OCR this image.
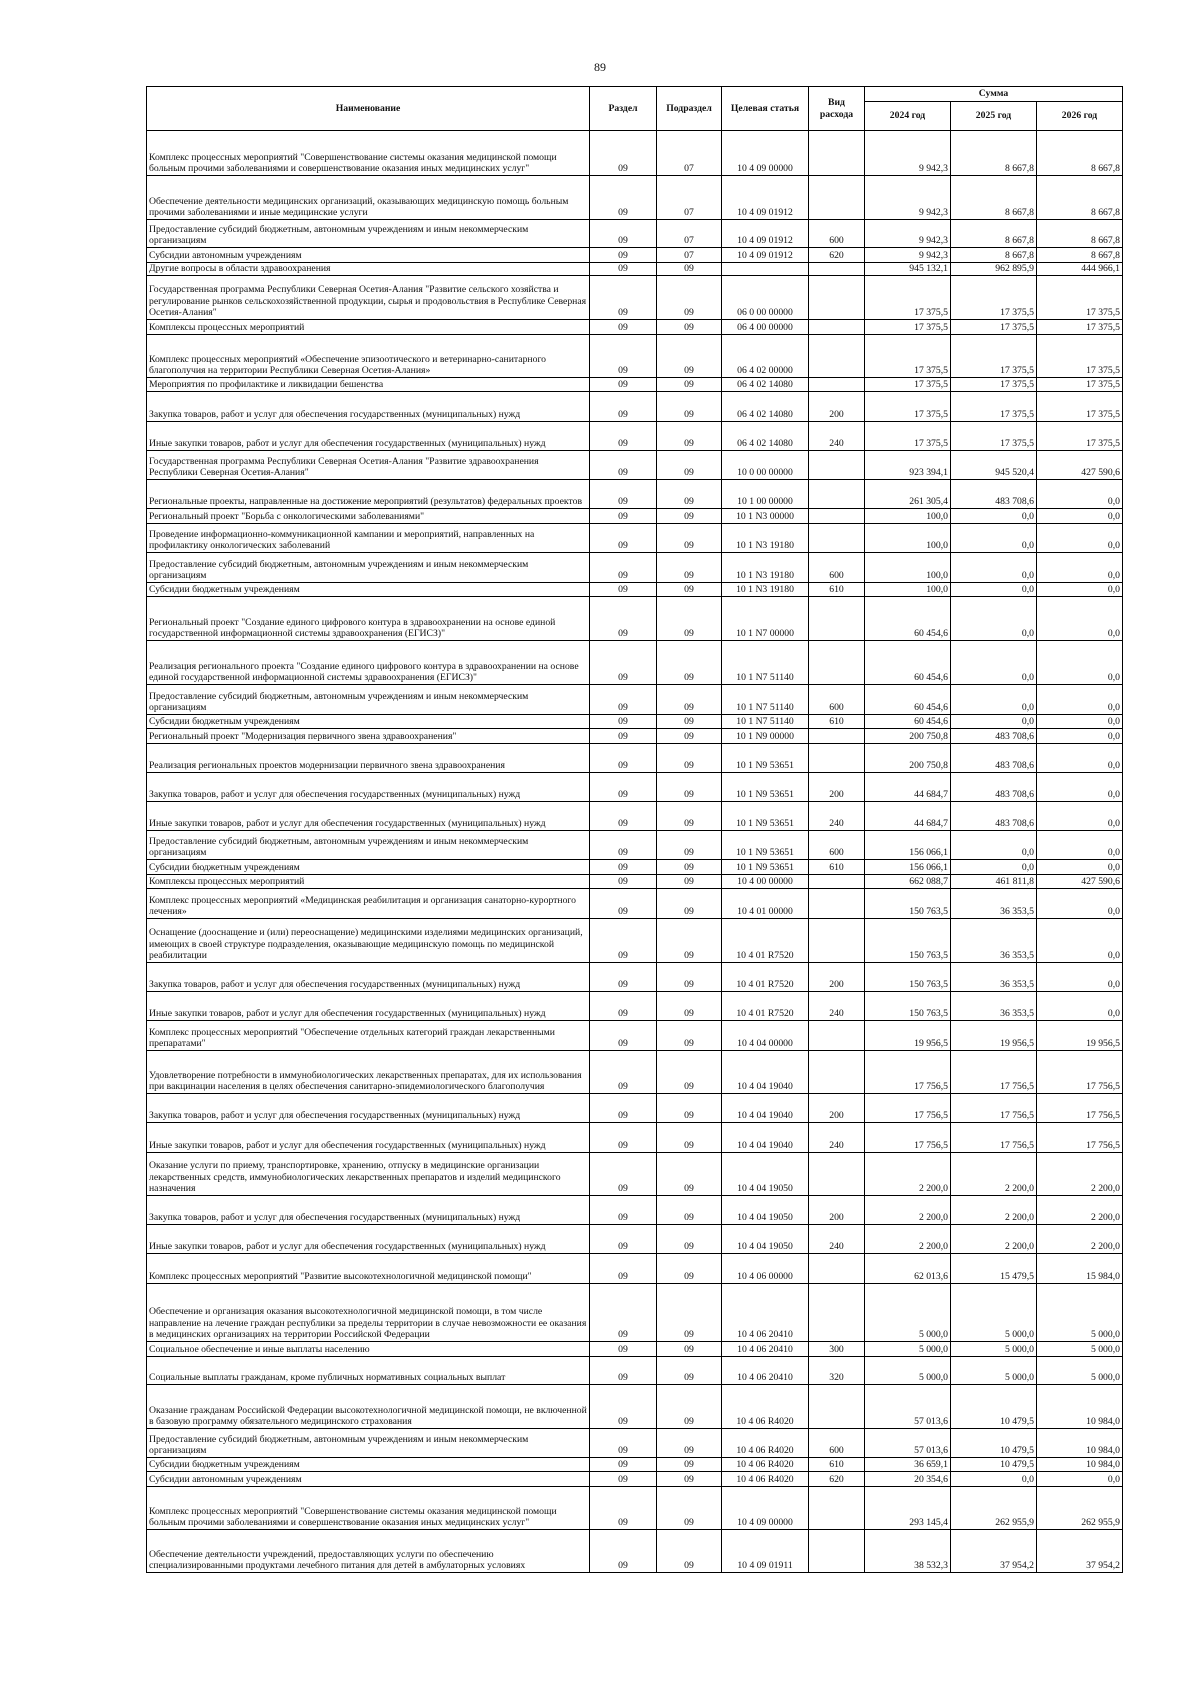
89
Наименование	Раздел	Подраздел	Целевая статья	Вид расхода	Сумма		
					2024 год	2025 год	2026 год
Комплекс процессных мероприятий "Совершенствование системы оказания медицинской помощи больным прочими заболеваниями и совершенствование оказания иных медицинских услуг"	09	07	10 4 09 00000		9 942,3	8 667,8	8 667,8
Обеспечение деятельности медицинских организаций, оказывающих медицинскую помощь больным прочими заболеваниями и иные медицинские услуги	09	07	10 4 09 01912		9 942,3	8 667,8	8 667,8
Предоставление субсидий бюджетным, автономным учреждениям и иным некоммерческим организациям	09	07	10 4 09 01912	600	9 942,3	8 667,8	8 667,8
Субсидии автономным учреждениям	09	07	10 4 09 01912	620	9 942,3	8 667,8	8 667,8
Другие вопросы в области здравоохранения	09	09			945 132,1	962 895,9	444 966,1
Государственная программа Республики Северная Осетия-Алания "Развитие сельского хозяйства и регулирование рынков сельскохозяйственной продукции, сырья и продовольствия в Республике Северная Осетия-Алания"	09	09	06 0 00 00000		17 375,5	17 375,5	17 375,5
Комплексы процессных мероприятий	09	09	06 4 00 00000		17 375,5	17 375,5	17 375,5
Комплекс процессных мероприятий «Обеспечение эпизоотического и ветеринарно-санитарного благополучия на территории Республики Северная Осетия-Алания»	09	09	06 4 02 00000		17 375,5	17 375,5	17 375,5
Мероприятия по профилактике и ликвидации бешенства	09	09	06 4 02 14080		17 375,5	17 375,5	17 375,5
Закупка товаров, работ и услуг для обеспечения государственных (муниципальных) нужд	09	09	06 4 02 14080	200	17 375,5	17 375,5	17 375,5
Иные закупки товаров, работ и услуг для обеспечения государственных (муниципальных) нужд	09	09	06 4 02 14080	240	17 375,5	17 375,5	17 375,5
Государственная программа Республики Северная Осетия-Алания "Развитие здравоохранения Республики Северная Осетия-Алания"	09	09	10 0 00 00000		923 394,1	945 520,4	427 590,6
Региональные проекты, направленные на достижение мероприятий (результатов) федеральных проектов	09	09	10 1 00 00000		261 305,4	483 708,6	0,0
Региональный проект "Борьба с онкологическими заболеваниями"	09	09	10 1 N3 00000		100,0	0,0	0,0
Проведение информационно-коммуникационной кампании и мероприятий, направленных на профилактику онкологических заболеваний	09	09	10 1 N3 19180		100,0	0,0	0,0
Предоставление субсидий бюджетным, автономным учреждениям и иным некоммерческим организациям	09	09	10 1 N3 19180	600	100,0	0,0	0,0
Субсидии бюджетным учреждениям	09	09	10 1 N3 19180	610	100,0	0,0	0,0
Региональный проект "Создание единого цифрового контура в здравоохранении на основе единой государственной информационной системы здравоохранения (ЕГИСЗ)"	09	09	10 1 N7 00000		60 454,6	0,0	0,0
Реализация регионального проекта "Создание единого цифрового контура в здравоохранении на основе единой государственной информационной системы здравоохранения (ЕГИСЗ)"	09	09	10 1 N7 51140		60 454,6	0,0	0,0
Предоставление субсидий бюджетным, автономным учреждениям и иным некоммерческим организациям	09	09	10 1 N7 51140	600	60 454,6	0,0	0,0
Субсидии бюджетным учреждениям	09	09	10 1 N7 51140	610	60 454,6	0,0	0,0
Региональный проект "Модернизация первичного звена здравоохранения"	09	09	10 1 N9 00000		200 750,8	483 708,6	0,0
Реализация региональных проектов модернизации первичного звена здравоохранения	09	09	10 1 N9 53651		200 750,8	483 708,6	0,0
Закупка товаров, работ и услуг для обеспечения государственных (муниципальных) нужд	09	09	10 1 N9 53651	200	44 684,7	483 708,6	0,0
Иные закупки товаров, работ и услуг для обеспечения государственных (муниципальных) нужд	09	09	10 1 N9 53651	240	44 684,7	483 708,6	0,0
Предоставление субсидий бюджетным, автономным учреждениям и иным некоммерческим организациям	09	09	10 1 N9 53651	600	156 066,1	0,0	0,0
Субсидии бюджетным учреждениям	09	09	10 1 N9 53651	610	156 066,1	0,0	0,0
Комплексы процессных мероприятий	09	09	10 4 00 00000		662 088,7	461 811,8	427 590,6
Комплекс процессных мероприятий «Медицинская реабилитация и организация санаторно-курортного лечения»	09	09	10 4 01 00000		150 763,5	36 353,5	0,0
Оснащение (дооснащение и (или) переоснащение) медицинскими изделиями медицинских организаций, имеющих в своей структуре подразделения, оказывающие медицинскую помощь по медицинской реабилитации	09	09	10 4 01 R7520		150 763,5	36 353,5	0,0
Закупка товаров, работ и услуг для обеспечения государственных (муниципальных) нужд	09	09	10 4 01 R7520	200	150 763,5	36 353,5	0,0
Иные закупки товаров, работ и услуг для обеспечения государственных (муниципальных) нужд	09	09	10 4 01 R7520	240	150 763,5	36 353,5	0,0
Комплекс процессных мероприятий "Обеспечение отдельных категорий граждан лекарственными препаратами"	09	09	10 4 04 00000		19 956,5	19 956,5	19 956,5
Удовлетворение потребности в иммунобиологических лекарственных препаратах, для их использования при вакцинации населения в целях обеспечения санитарно-эпидемиологического благополучия	09	09	10 4 04 19040		17 756,5	17 756,5	17 756,5
Закупка товаров, работ и услуг для обеспечения государственных (муниципальных) нужд	09	09	10 4 04 19040	200	17 756,5	17 756,5	17 756,5
Иные закупки товаров, работ и услуг для обеспечения государственных (муниципальных) нужд	09	09	10 4 04 19040	240	17 756,5	17 756,5	17 756,5
Оказание услуги по приему, транспортировке, хранению, отпуску в медицинские организации лекарственных средств, иммунобиологических лекарственных препаратов и изделий медицинского назначения	09	09	10 4 04 19050		2 200,0	2 200,0	2 200,0
Закупка товаров, работ и услуг для обеспечения государственных (муниципальных) нужд	09	09	10 4 04 19050	200	2 200,0	2 200,0	2 200,0
Иные закупки товаров, работ и услуг для обеспечения государственных (муниципальных) нужд	09	09	10 4 04 19050	240	2 200,0	2 200,0	2 200,0
Комплекс процессных мероприятий "Развитие высокотехнологичной медицинской помощи"	09	09	10 4 06 00000		62 013,6	15 479,5	15 984,0
Обеспечение и организация оказания высокотехнологичной медицинской помощи, в том числе направление на лечение граждан республики за пределы территории в случае невозможности ее оказания в медицинских организациях на территории Российской Федерации	09	09	10 4 06 20410		5 000,0	5 000,0	5 000,0
Социальное обеспечение и иные выплаты населению	09	09	10 4 06 20410	300	5 000,0	5 000,0	5 000,0
Социальные выплаты гражданам, кроме публичных нормативных социальных выплат	09	09	10 4 06 20410	320	5 000,0	5 000,0	5 000,0
Оказание гражданам Российской Федерации высокотехнологичной медицинской помощи, не включенной в базовую программу обязательного медицинского страхования	09	09	10 4 06 R4020		57 013,6	10 479,5	10 984,0
Предоставление субсидий бюджетным, автономным учреждениям и иным некоммерческим организациям	09	09	10 4 06 R4020	600	57 013,6	10 479,5	10 984,0
Субсидии бюджетным учреждениям	09	09	10 4 06 R4020	610	36 659,1	10 479,5	10 984,0
Субсидии автономным учреждениям	09	09	10 4 06 R4020	620	20 354,6	0,0	0,0
Комплекс процессных мероприятий "Совершенствование системы оказания медицинской помощи больным прочими заболеваниями и совершенствование оказания иных медицинских услуг"	09	09	10 4 09 00000		293 145,4	262 955,9	262 955,9
Обеспечение деятельности учреждений, предоставляющих услуги по обеспечению специализированными продуктами лечебного питания для детей в амбулаторных условиях	09	09	10 4 09 01911		38 532,3	37 954,2	37 954,2
